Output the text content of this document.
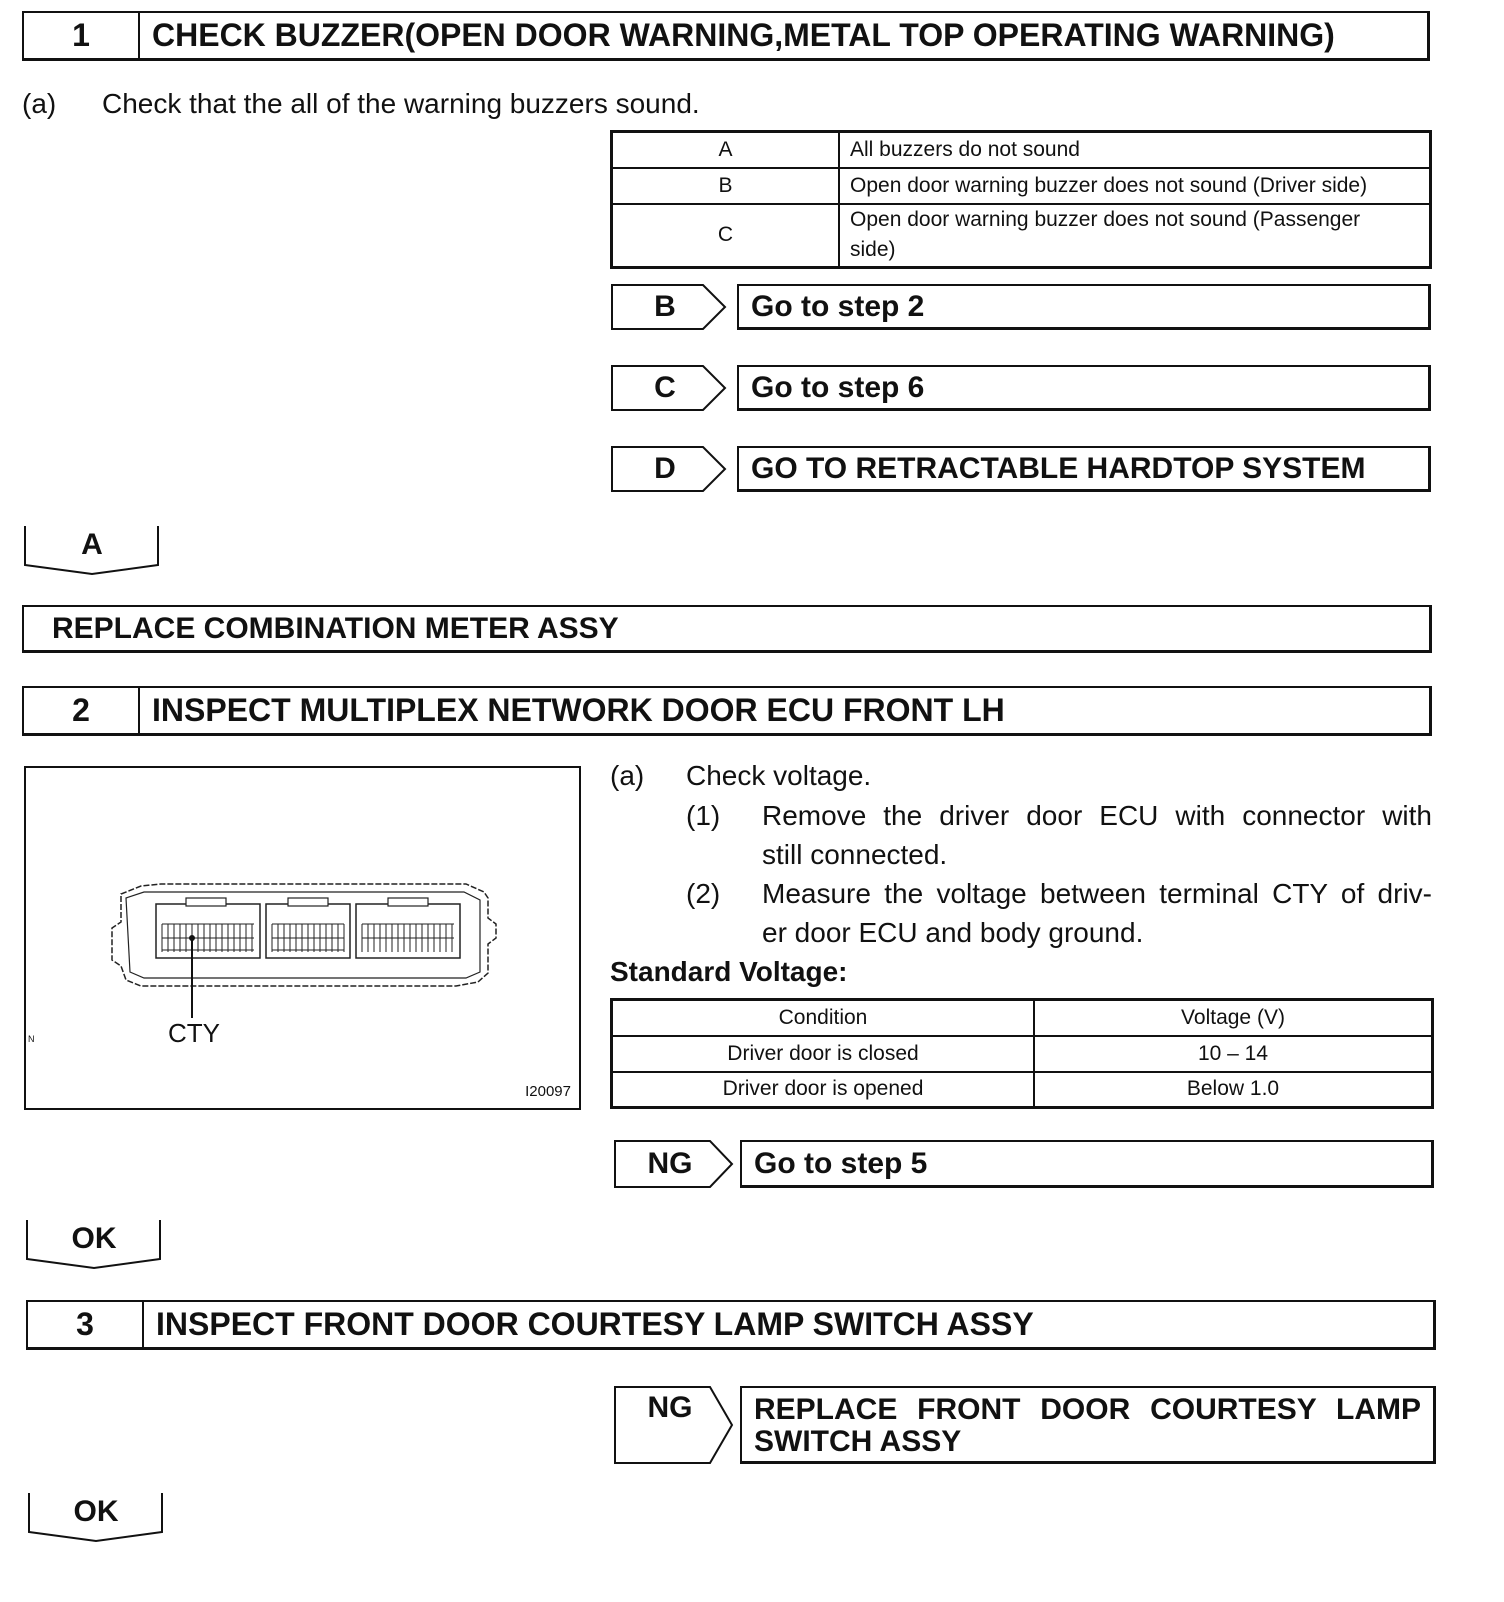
1	CHECK BUZZER(OPEN DOOR WARNING,METAL TOP OPERATING WARNING)
(a) Check that the all of the warning buzzers sound.
A	All buzzers do not sound
B	Open door warning buzzer does not sound (Driver side)
C	Open door warning buzzer does not sound (Passenger
side)
B	Go to step 2
C	Go to step 6
D	GO TO RETRACTABLE HARDTOP SYSTEM
A
REPLACE COMBINATION METER ASSY
2	INSPECT MULTIPLEX NETWORK DOOR ECU FRONT LH
CTY
N
I20097
(a) Check voltage.
(1) Remove the driver door ECU with connector with
still connected.
(2) Measure the voltage between terminal CTY of driv-
er door ECU and body ground.
Standard Voltage:
Condition	Voltage (V)
Driver door is closed	10 – 14
Driver door is opened	Below 1.0
NG	Go to step 5
OK
3	INSPECT FRONT DOOR COURTESY LAMP SWITCH ASSY
NG	REPLACE FRONT DOOR COURTESY LAMP
SWITCH ASSY
OK
